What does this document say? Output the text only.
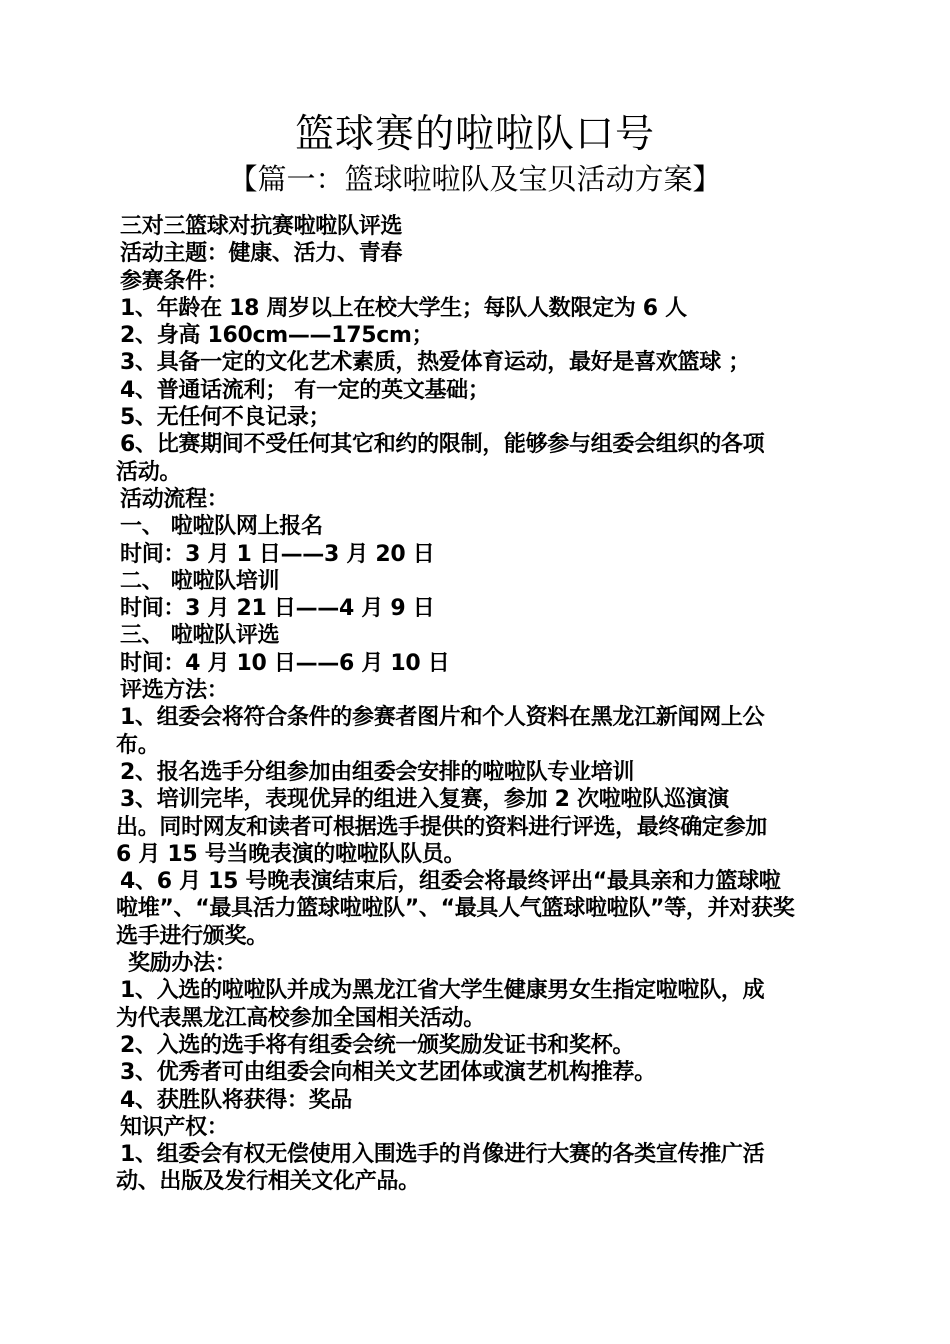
篮球赛的啦啦队口号
【篇一：篮球啦啦队及宝贝活动方案】
三对三篮球对抗赛啦啦队评选
活动主题：健康、活力、青春
参赛条件：
1、年龄在 18 周岁以上在校大学生；每队人数限定为 6 人
2、身高 160cm——175cm；
3、具备一定的文化艺术素质，热爱体育运动，最好是喜欢篮球 ；
4、普通话流利； 有一定的英文基础；
5、无任何不良记录；
6、比赛期间不受任何其它和约的限制，能够参与组委会组织的各项
活动。
活动流程：
一、 啦啦队网上报名
时间：3 月 1 日——3 月 20 日
二、 啦啦队培训
时间：3 月 21 日——4 月 9 日
三、 啦啦队评选
时间：4 月 10 日——6 月 10 日
评选方法：
1、组委会将符合条件的参赛者图片和个人资料在黑龙江新闻网上公
布。
2、报名选手分组参加由组委会安排的啦啦队专业培训
3、培训完毕，表现优异的组进入复赛，参加 2 次啦啦队巡演演
出。同时网友和读者可根据选手提供的资料进行评选，最终确定参加
6 月 15 号当晚表演的啦啦队队员。
4、6 月 15 号晚表演结束后，组委会将最终评出“最具亲和力篮球啦
啦堆”、“最具活力篮球啦啦队”、“最具人气篮球啦啦队”等，并对获奖
选手进行颁奖。
奖励办法：
1、入选的啦啦队并成为黑龙江省大学生健康男女生指定啦啦队，成
为代表黑龙江高校参加全国相关活动。
2、入选的选手将有组委会统一颁奖励发证书和奖杯。
3、优秀者可由组委会向相关文艺团体或演艺机构推荐。
4、获胜队将获得：奖品
知识产权：
1、组委会有权无偿使用入围选手的肖像进行大赛的各类宣传推广活
动、出版及发行相关文化产品。
